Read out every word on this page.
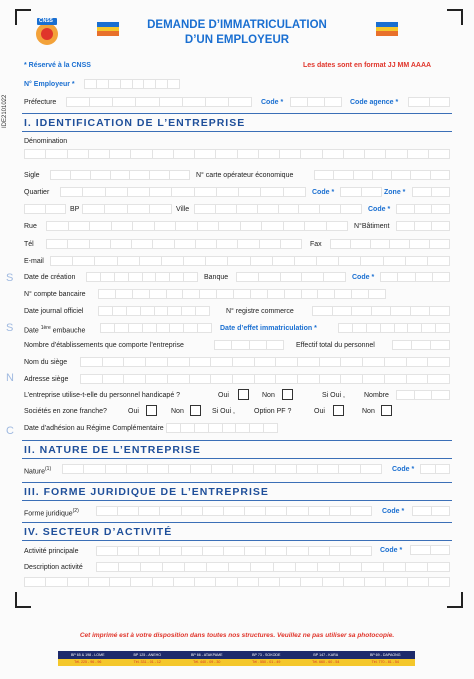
IDE2101022
S
S
N
C
CNSS	DEMANDE D’IMMATRICULATION
D’UN EMPLOYEUR
* Réservé à la CNSS	Les dates sont en format JJ MM AAAA
N° Employeur *
Préfecture	Code *	Code agence *
I. IDENTIFICATION DE L’ENTREPRISE
Dénomination
Sigle	N° carte opérateur économique
Quartier	Code *	Zone *
BP	Ville	Code *
Rue	N°Bâtiment
Tél	Fax
E-mail
Date de création	Banque	Code *
N° compte bancaire
Date journal officiel	N° registre commerce
Date $^{1ère}$ embauche	Date d’effet immatriculation *
Nombre d’établissements que comporte l’entreprise	Effectif total du personnel
Nom du siège
Adresse siège
L’entreprise utilise-t-elle du personnel handicapé ?	Oui	Non	Si Oui ,	Nombre
Sociétés en zone franche?	Oui	Non	Si Oui ,	Option PF ?	Oui	Non
Date d’adhésion au Régime Complémentaire
II. NATURE DE L’ENTREPRISE
Nature$^{(1)}$	Code *
III. FORME JURIDIQUE DE L’ENTREPRISE
Forme juridique$^{(2)}$	Code *
IV. SECTEUR D’ACTIVITÉ
Activité principale	Code *
Description activité
Cet imprimé est à votre disposition dans toutes nos structures. Veuillez ne pas utiliser sa photocopie.
BP 65 & 198 - LOME	BP 125 - ANEHO	BP 66 - ATAKPAME	BP 73 - SOKODE	BP 147 - KARA	BP 69 - DAPAONG
Tél. 225 - 96 - 96	Tél. 331 - 01 - 12	Tél. 440 - 09 - 30	Tél . 550 - 01 - 49	Tél. 660 - 60 - 54	Tél. 770 - 81 - 54
